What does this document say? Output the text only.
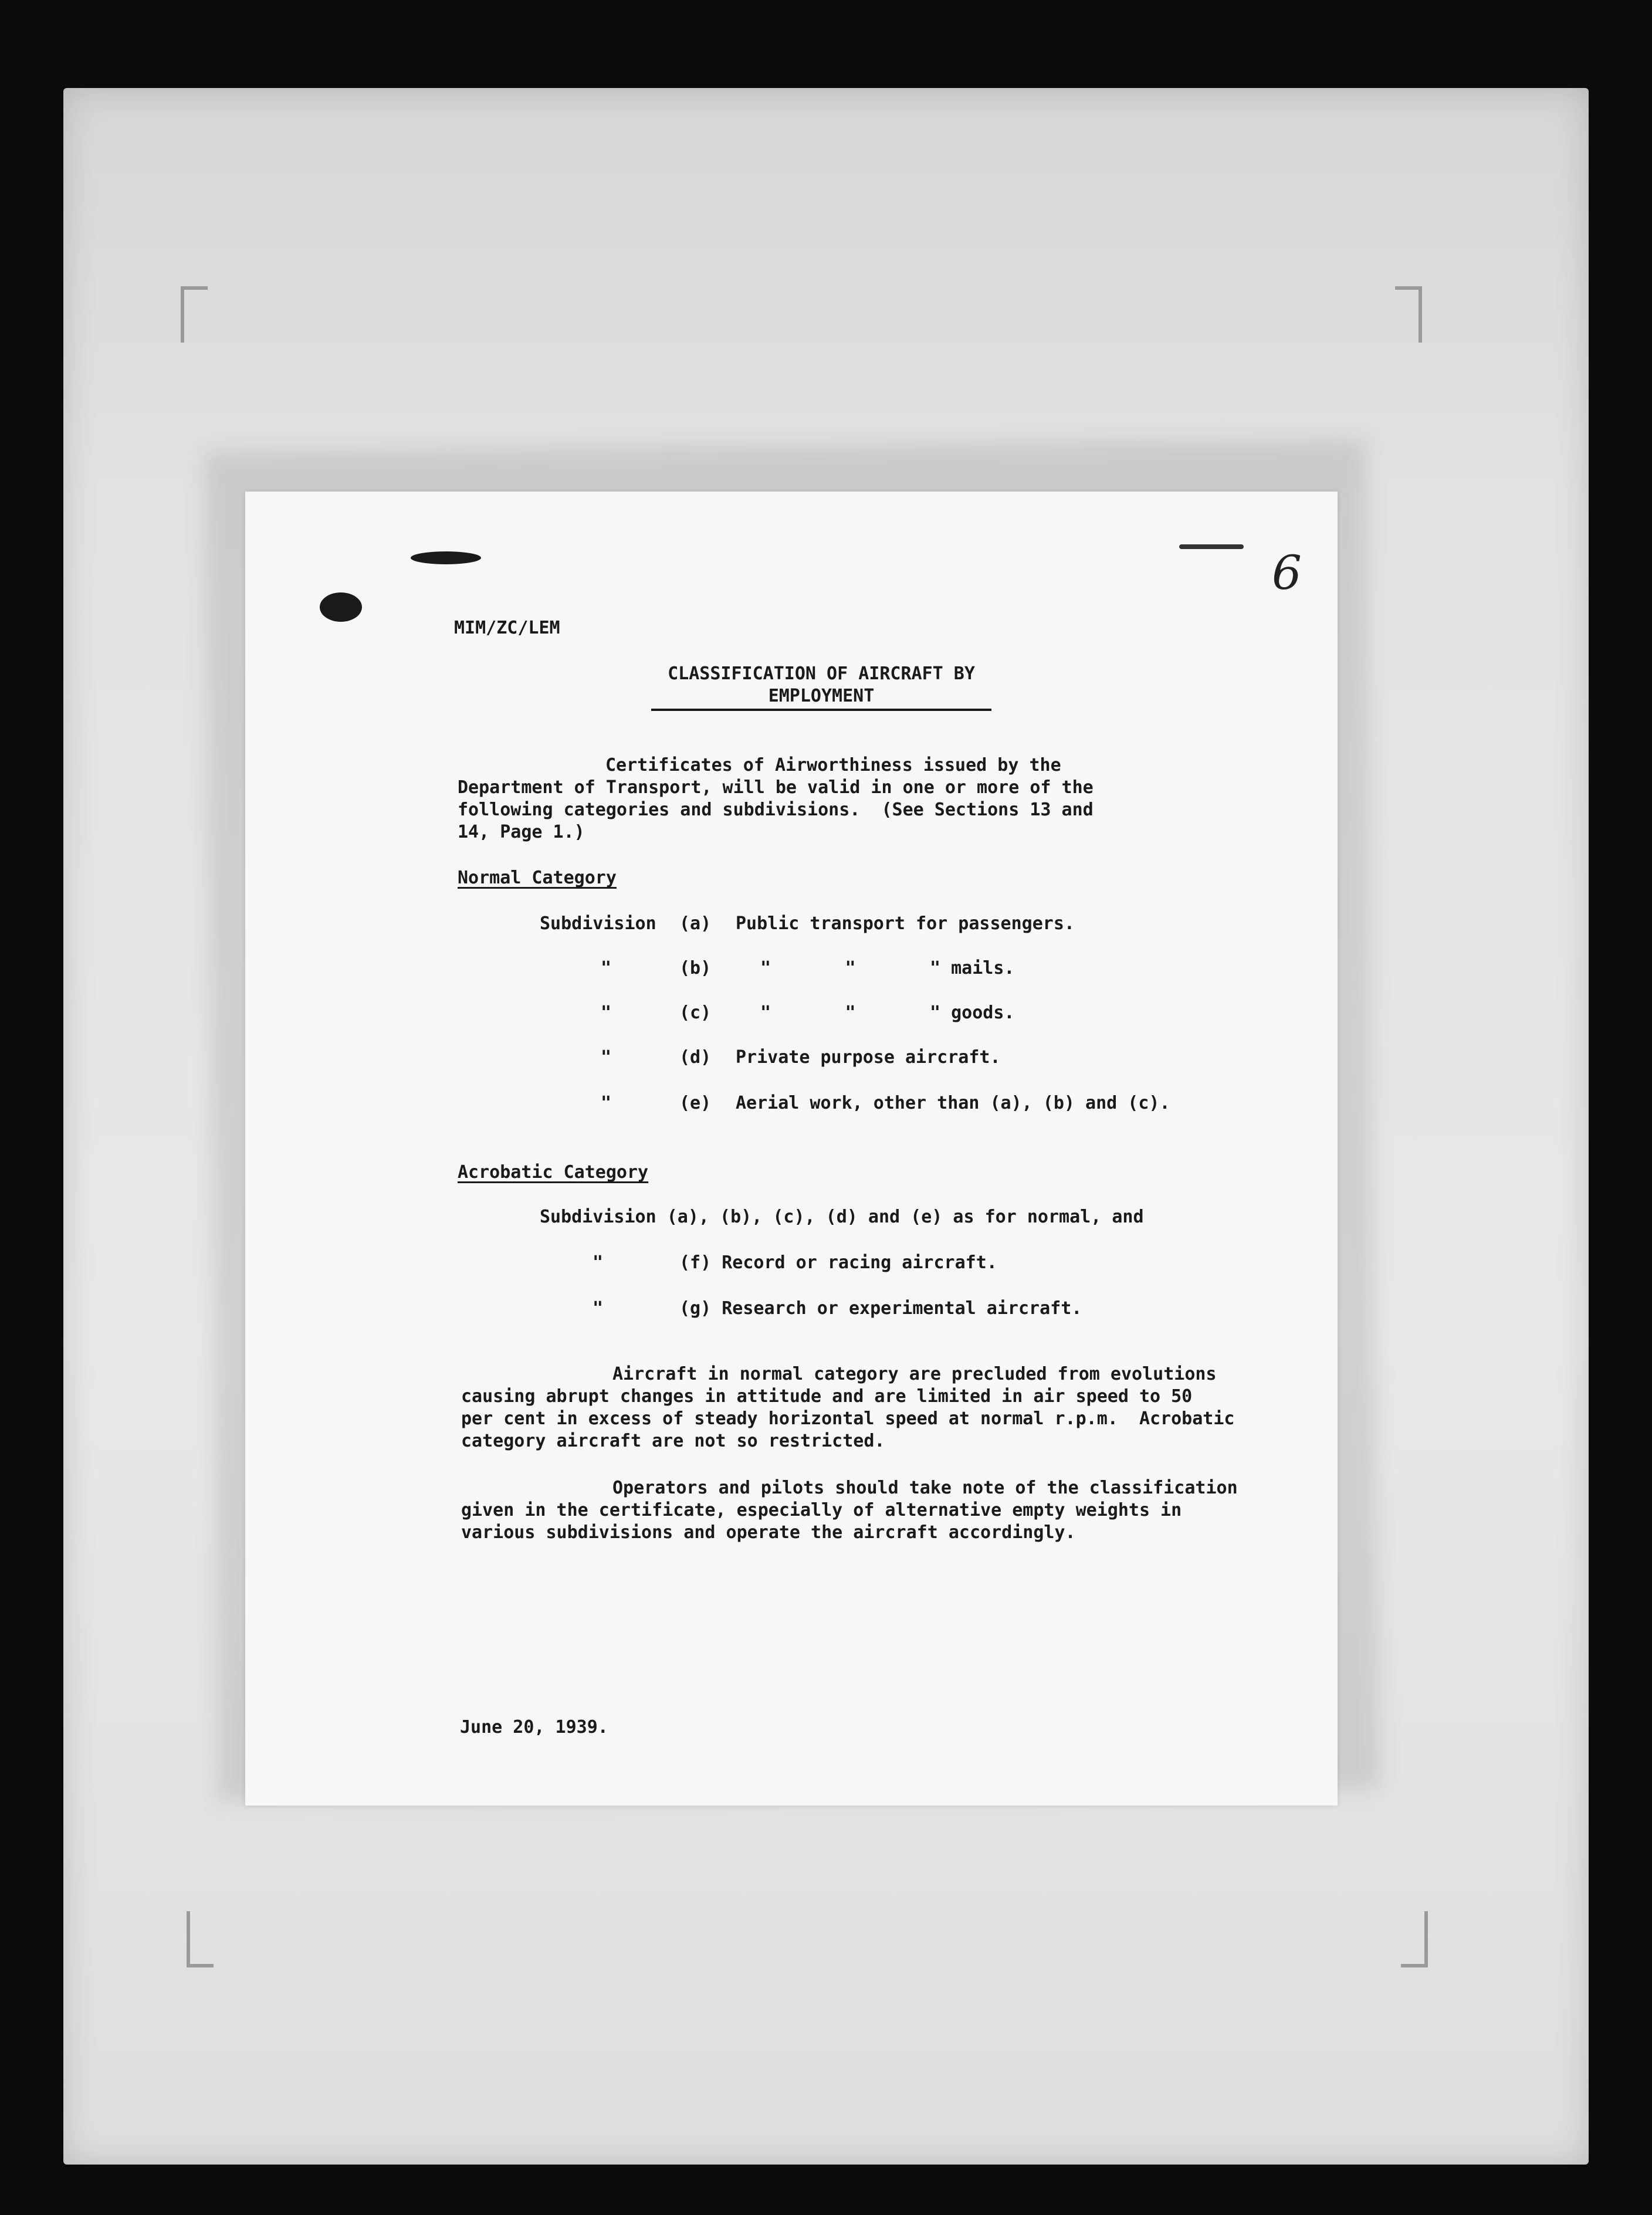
6
MIM/ZC/LEM
CLASSIFICATION OF AIRCRAFT BY
EMPLOYMENT
Certificates of Airworthiness issued by the
Department of Transport, will be valid in one or more of the
following categories and subdivisions.  (See Sections 13 and
14, Page 1.)
Normal Category
Subdivision (a) Public transport for passengers.
"	(b)	"       "       " mails.
"	(c)	"       "       " goods.
"	(d) Private purpose aircraft.
"	(e) Aerial work, other than (a), (b) and (c).
Acrobatic Category
Subdivision (a), (b), (c), (d) and (e) as for normal, and
"	(f) Record or racing aircraft.
"	(g) Research or experimental aircraft.
Aircraft in normal category are precluded from evolutions
causing abrupt changes in attitude and are limited in air speed to 50
per cent in excess of steady horizontal speed at normal r.p.m.  Acrobatic
category aircraft are not so restricted.
Operators and pilots should take note of the classification
given in the certificate, especially of alternative empty weights in
various subdivisions and operate the aircraft accordingly.
June 20, 1939.
